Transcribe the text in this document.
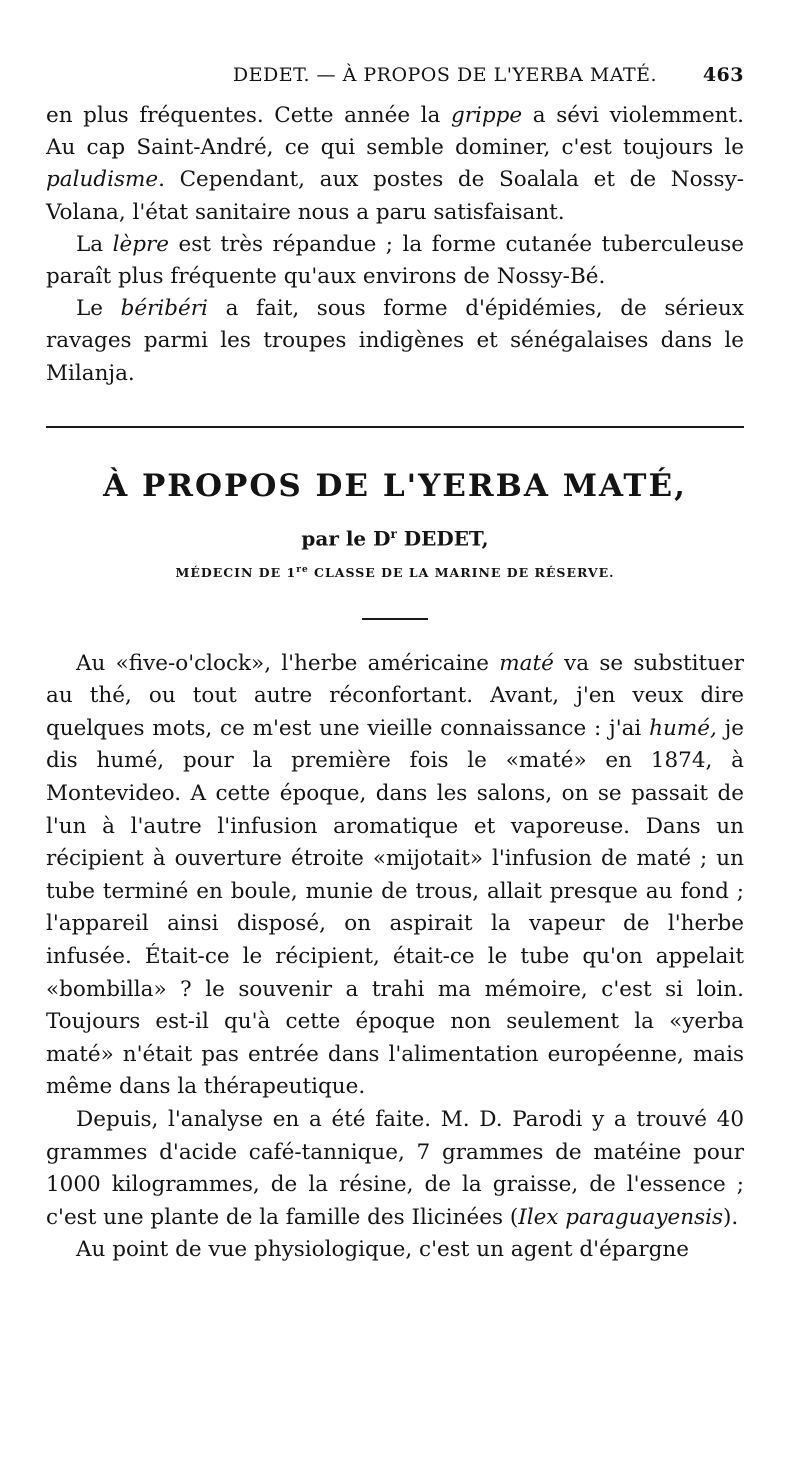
DEDET. — À PROPOS DE L'YERBA MATÉ. 463

en plus fréquentes. Cette année la grippe a sévi violemment. Au cap Saint-André, ce qui semble dominer, c'est toujours le paludisme. Cependant, aux postes de Soalala et de Nossy-Volana, l'état sanitaire nous a paru satisfaisant.

La lèpre est très répandue ; la forme cutanée tuberculeuse paraît plus fréquente qu'aux environs de Nossy-Bé.

Le béribéri a fait, sous forme d'épidémies, de sérieux ravages parmi les troupes indigènes et sénégalaises dans le Milanja.

À PROPOS DE L'YERBA MATÉ,
par le $D^r$ DEDET,
MÉDECIN DE 1re CLASSE DE LA MARINE DE RÉSERVE.

Au «five-o'clock», l'herbe américaine maté va se substituer au thé, ou tout autre réconfortant. Avant, j'en veux dire quelques mots, ce m'est une vieille connaissance : j'ai humé, je dis humé, pour la première fois le «maté» en 1874, à Montevideo. A cette époque, dans les salons, on se passait de l'un à l'autre l'infusion aromatique et vaporeuse. Dans un récipient à ouverture étroite «mijotait» l'infusion de maté ; un tube terminé en boule, munie de trous, allait presque au fond ; l'appareil ainsi disposé, on aspirait la vapeur de l'herbe infusée. Était-ce le récipient, était-ce le tube qu'on appelait «bombilla» ? le souvenir a trahi ma mémoire, c'est si loin. Toujours est-il qu'à cette époque non seulement la «yerba maté» n'était pas entrée dans l'alimentation européenne, mais même dans la thérapeutique.

Depuis, l'analyse en a été faite. M. D. Parodi y a trouvé 40 grammes d'acide café-tannique, 7 grammes de matéine pour 1000 kilogrammes, de la résine, de la graisse, de l'essence ; c'est une plante de la famille des Ilicinées (Ilex paraguayensis).

Au point de vue physiologique, c'est un agent d'épargne
